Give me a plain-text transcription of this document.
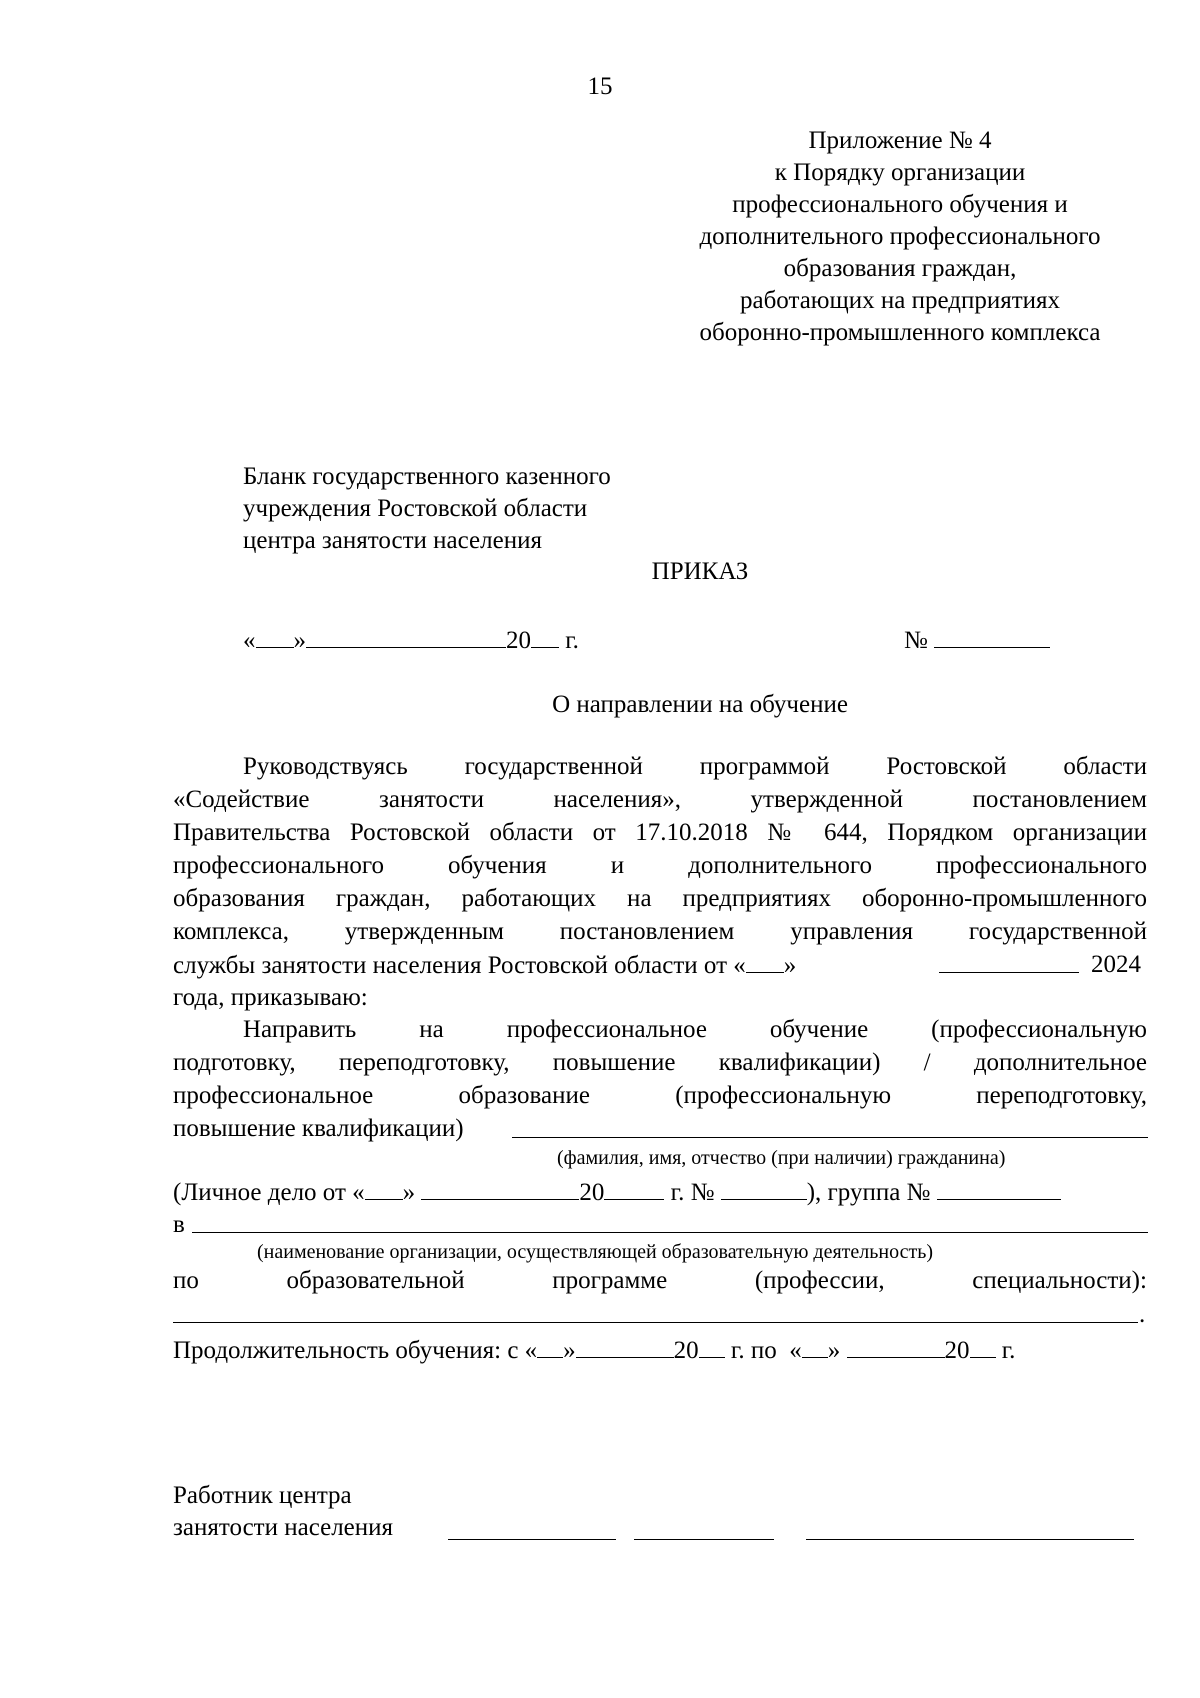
15
Приложение № 4
к Порядку организации
профессионального обучения и
дополнительного профессионального
образования граждан,
работающих на предприятиях
оборонно-промышленного комплекса
Бланк государственного казенного
учреждения Ростовской области
центра занятости населения
ПРИКАЗ
« »	20 г.	№
О направлении на обучение
Руководствуясь государственной программой Ростовской области
«Содействие занятости населения», утвержденной постановлением
Правительства Ростовской области от 17.10.2018 № 644, Порядком организации
профессионального обучения и дополнительного профессионального
образования граждан, работающих на предприятиях оборонно-промышленного
комплекса, утвержденным постановлением управления государственной
службы занятости населения Ростовской области от « »	2024
года, приказываю:
Направить на профессиональное обучение (профессиональную
подготовку, переподготовку, повышение квалификации) / дополнительное
профессиональное образование (профессиональную переподготовку,
повышение квалификации)
(фамилия, имя, отчество (при наличии) гражданина)
(Личное дело от « »	20	г. №	), группа №
в
(наименование организации, осуществляющей образовательную деятельность)
по	образовательной	программе	(профессии,	специальности):
.
Продолжительность обучения: с « »	20 г. по « »	20 г.
Работник центра
занятости населения
